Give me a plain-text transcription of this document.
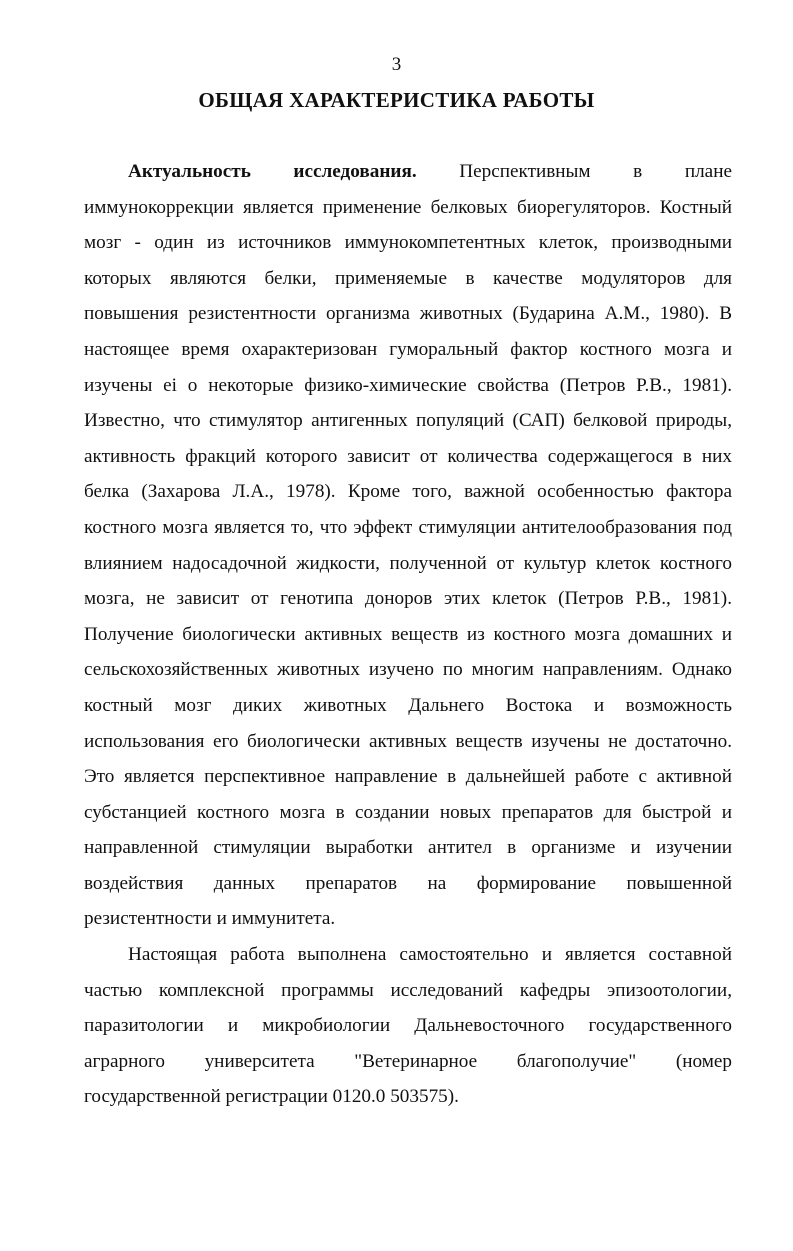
3
ОБЩАЯ ХАРАКТЕРИСТИКА РАБОТЫ

Актуальность исследования. Перспективным в плане иммунокоррекции является применение белковых биорегуляторов. Костный мозг - один из источников иммунокомпетентных клеток, производными которых являются белки, применяемые в качестве модуляторов для повышения резистентности организма животных (Бударина А.М., 1980). В настоящее время охарактеризован гуморальный фактор костного мозга и изучены ei о некоторые физико-химические свойства (Петров Р.В., 1981). Известно, что стимулятор антигенных популяций (САП) белковой природы, активность фракций которого зависит от количества содержащегося в них белка (Захарова Л.А., 1978). Кроме того, важной особенностью фактора костного мозга является то, что эффект стимуляции антителообразования под влиянием надосадочной жидкости, полученной от культур клеток костного мозга, не зависит от генотипа доноров этих клеток (Петров Р.В., 1981). Получение биологически активных веществ из костного мозга домашних и сельскохозяйственных животных изучено по многим направлениям. Однако костный мозг диких животных Дальнего Востока и возможность использования его биологически активных веществ изучены не достаточно. Это является перспективное направление в дальнейшей работе с активной субстанцией костного мозга в создании новых препаратов для быстрой и направленной стимуляции выработки антител в организме и изучении воздействия данных препаратов на формирование повышенной резистентности и иммунитета.

Настоящая работа выполнена самостоятельно и является составной частью комплексной программы исследований кафедры эпизоотологии, паразитологии и микробиологии Дальневосточного государственного аграрного университета "Ветеринарное благополучие" (номер государственной регистрации 0120.0 503575).
